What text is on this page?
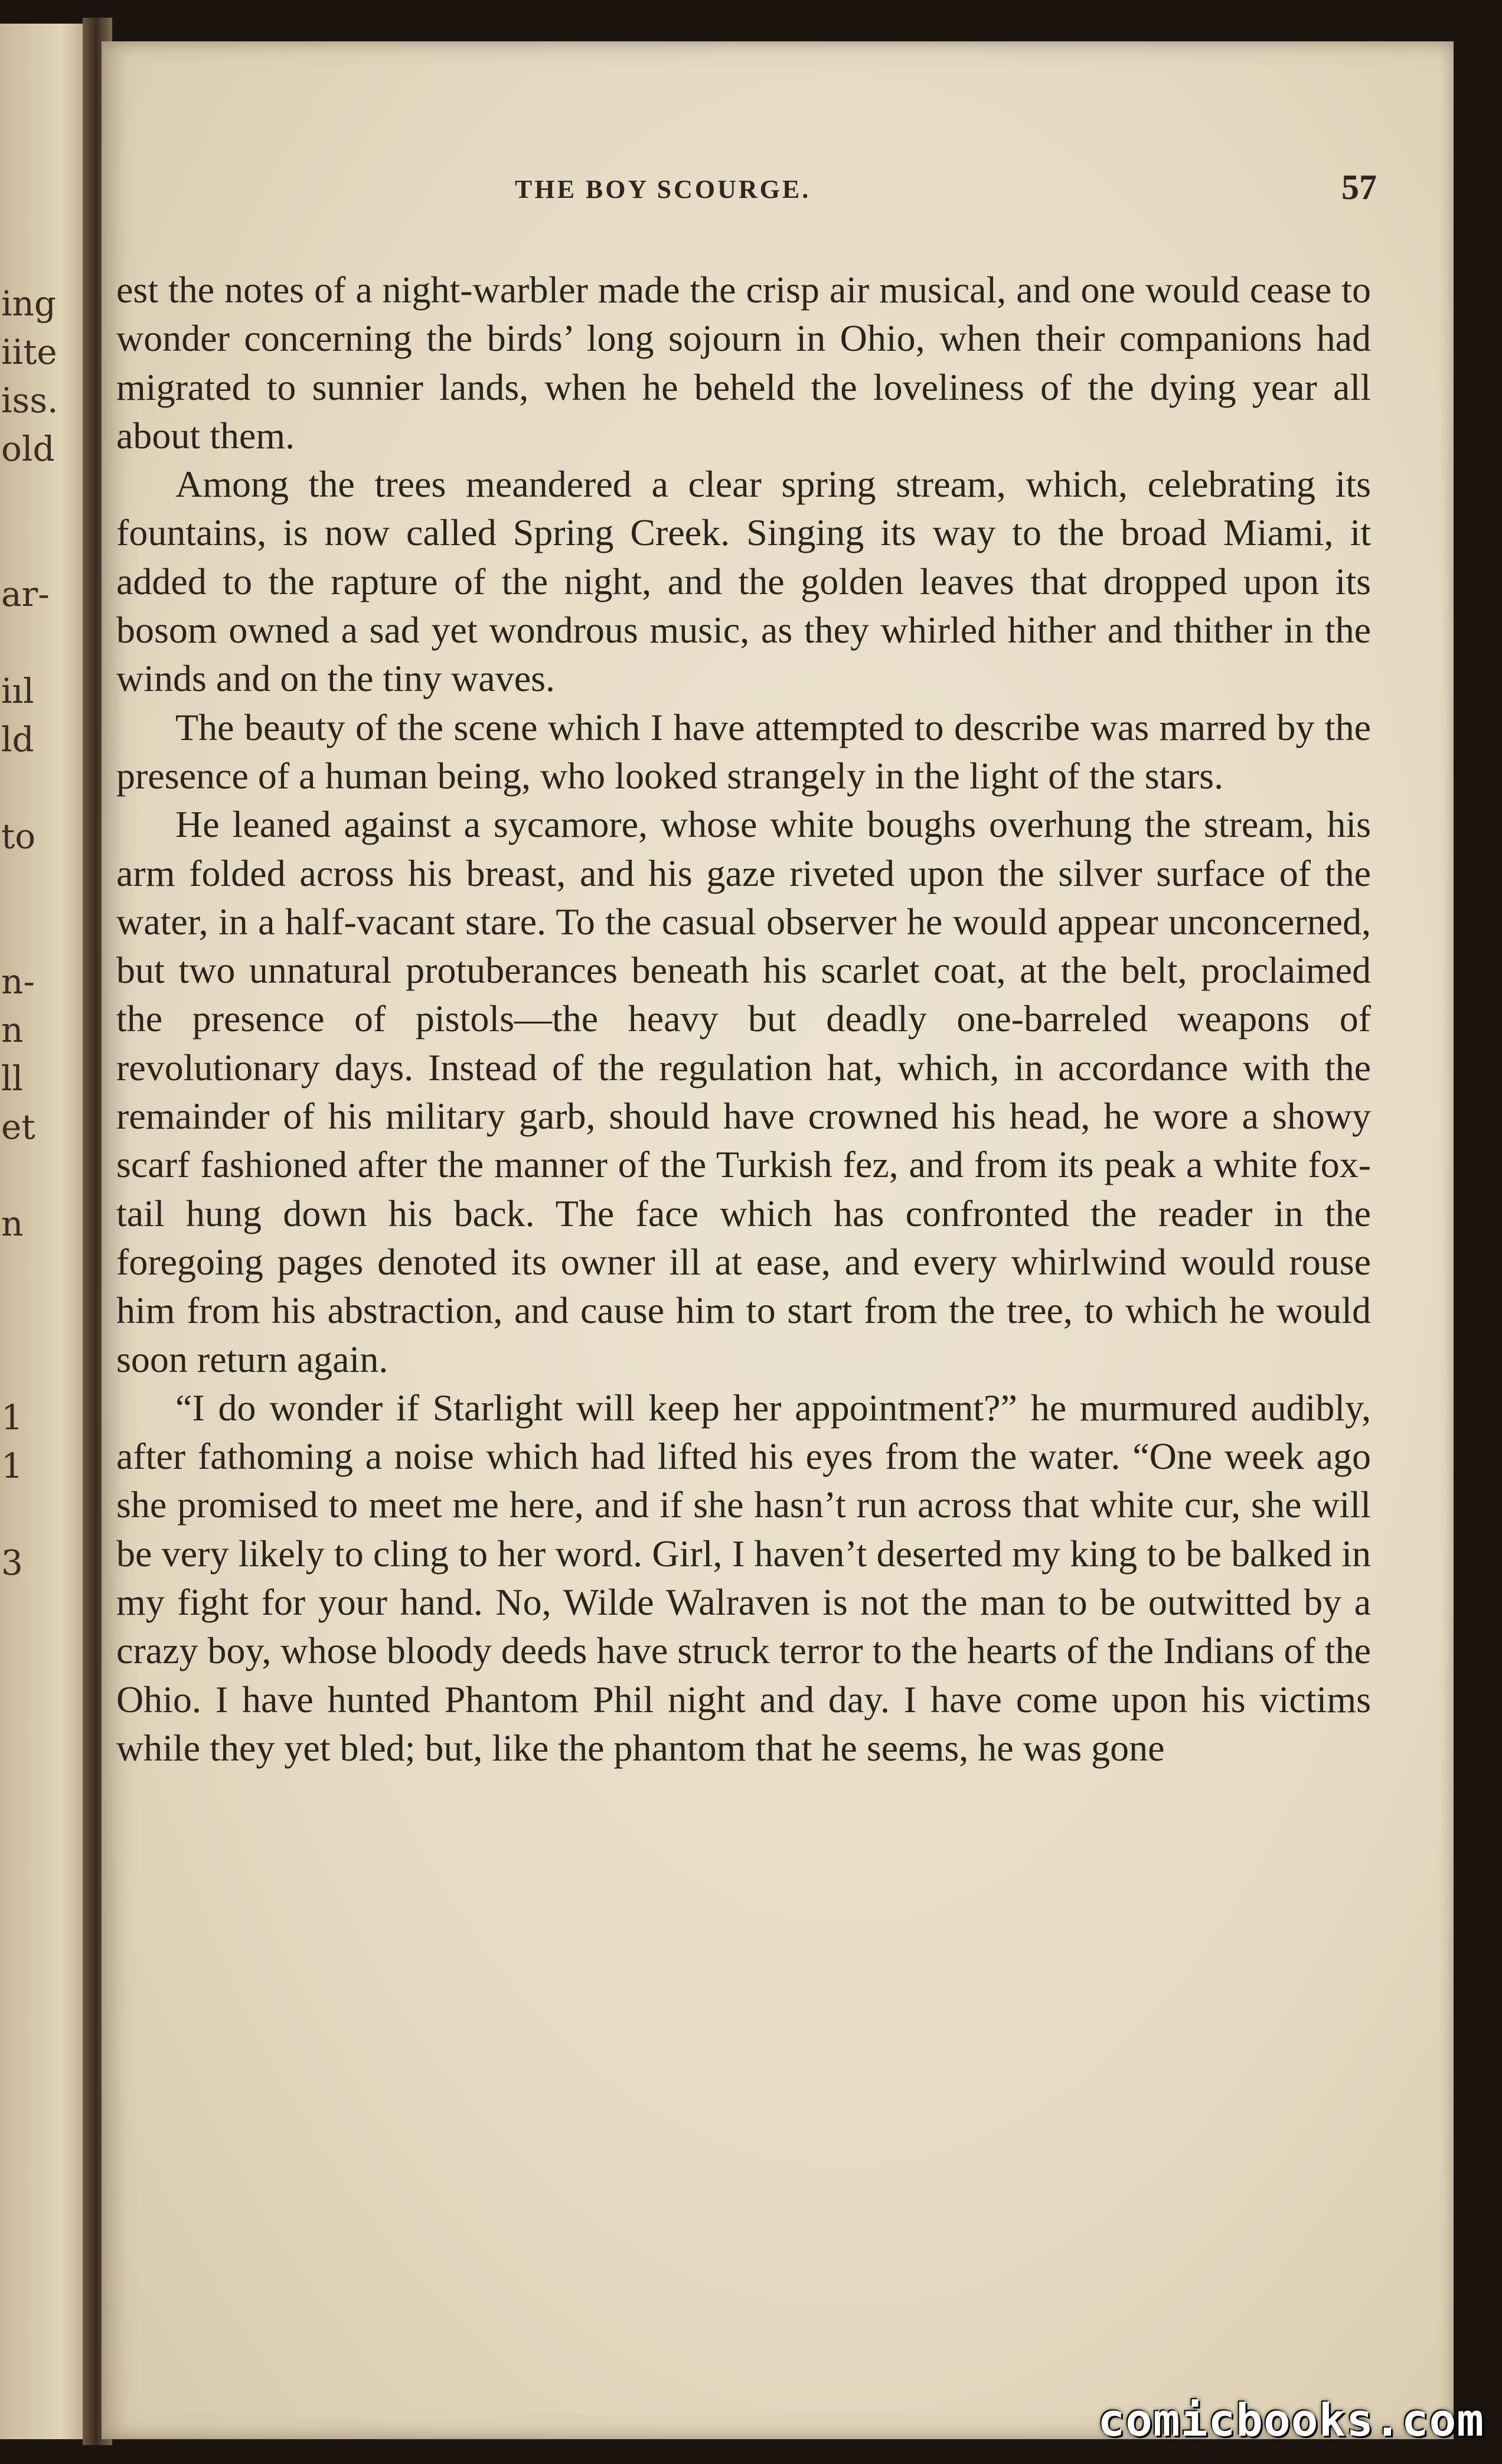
ing
iite
iss.
old
ar-
iıl
ld
to
n-
n
ll
et
n
1
1
3
THE BOY SCOURGE.	57

est the notes of a night-warbler made the crisp air musical, and one would cease to wonder concerning the birds’ long sojourn in Ohio, when their companions had migrated to sunnier lands, when he beheld the loveliness of the dying year all about them.

Among the trees meandered a clear spring stream, which, celebrating its fountains, is now called Spring Creek. Singing its way to the broad Miami, it added to the rapture of the night, and the golden leaves that dropped upon its bosom owned a sad yet wondrous music, as they whirled hither and thither in the winds and on the tiny waves.

The beauty of the scene which I have attempted to describe was marred by the presence of a human being, who looked strangely in the light of the stars.

He leaned against a sycamore, whose white boughs overhung the stream, his arm folded across his breast, and his gaze riveted upon the silver surface of the water, in a half-vacant stare. To the casual observer he would appear unconcerned, but two unnatural protuberances beneath his scarlet coat, at the belt, proclaimed the presence of pistols—the heavy but deadly one-barreled weapons of revolutionary days. Instead of the regulation hat, which, in accordance with the remainder of his military garb, should have crowned his head, he wore a showy scarf fashioned after the manner of the Turkish fez, and from its peak a white fox-tail hung down his back. The face which has confronted the reader in the foregoing pages denoted its owner ill at ease, and every whirlwind would rouse him from his abstraction, and cause him to start from the tree, to which he would soon return again.

“I do wonder if Starlight will keep her appointment?” he murmured audibly, after fathoming a noise which had lifted his eyes from the water. “One week ago she promised to meet me here, and if she hasn’t run across that white cur, she will be very likely to cling to her word. Girl, I haven’t deserted my king to be balked in my fight for your hand. No, Wilde Walraven is not the man to be outwitted by a crazy boy, whose bloody deeds have struck terror to the hearts of the Indians of the Ohio. I have hunted Phantom Phil night and day. I have come upon his victims while they yet bled; but, like the phantom that he seems, he was gone

comicbooks.com
